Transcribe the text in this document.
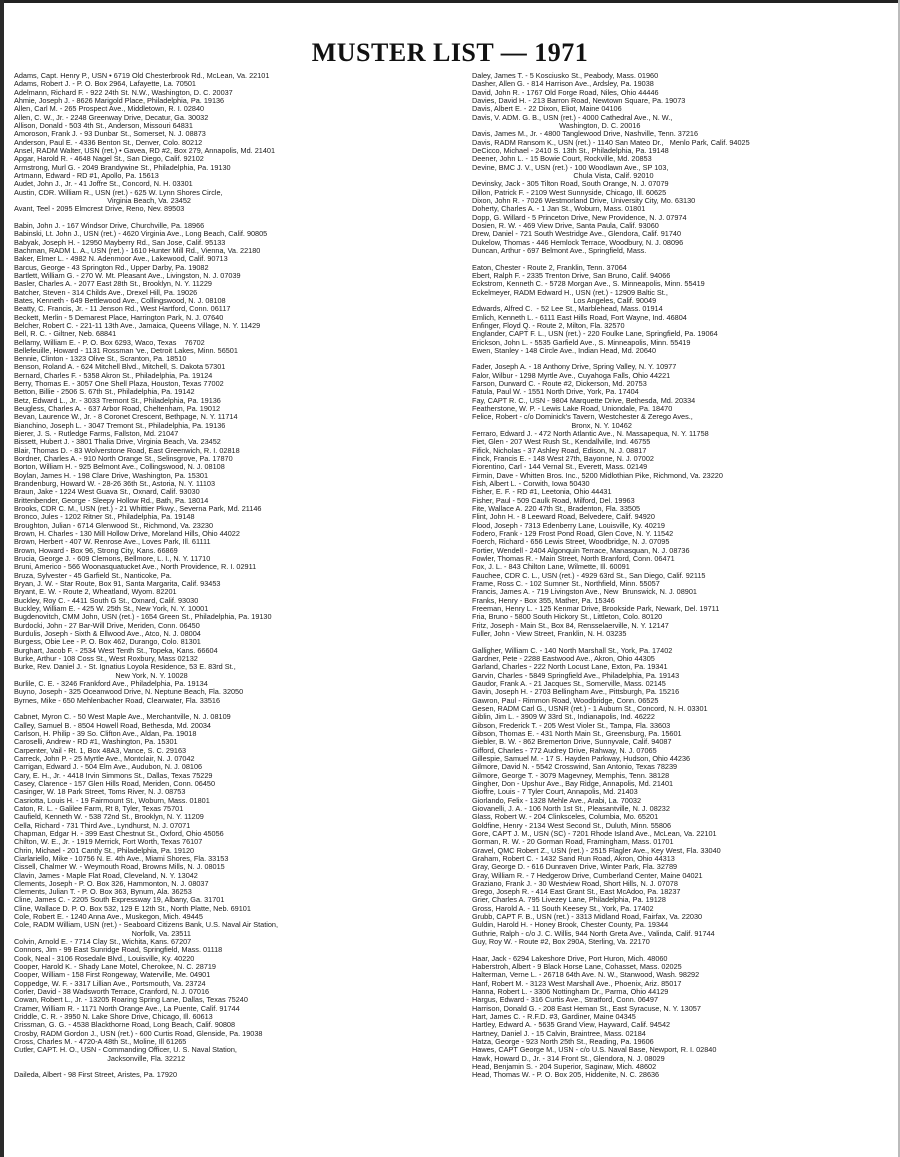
MUSTER LIST — 1971
Adams, Capt. Henry P., USN • 6719 Old Chesterbrook Rd., McLean, Va. 22101
Adams, Robert J. - P. O. Box 2964, Lafayette, La. 70501
Adelmann, Richard F. - 922 24th St. N.W., Washington, D. C. 20037
Ahmie, Joseph J. - 8626 Marigold Place, Philadelphia, Pa. 19136
Allen, Carl M. - 265 Prospect Ave., Middletown, R. I. 02840
Allen, C. W., Jr. - 2248 Greenway Drive, Decatur, Ga. 30032
Allison, Donald - 503 4th St., Anderson, Missouri 64831
Amoroson, Frank J. - 93 Dunbar St., Somerset, N. J. 08873
Anderson, Paul E. - 4336 Benton St., Denver, Colo. 80212
Ansel, RADM Walter, USN (ret.) • Gavea, RD #2, Box 279, Annapolis, Md. 21401
Apgar, Harold R. - 4648 Nagel St., San Diego, Calif. 92102
Armstrong, Murl G. - 2049 Brandywine St., Philadelphia, Pa. 19130
Artmann, Edward - RD #1, Apollo, Pa. 15613
Audet, John J., Jr. - 41 Joffre St., Concord, N. H. 03301
Austin, CDR. William R., USN (ret.) - 625 W. Lynn Shores Circle,
Virginia Beach, Va. 23452
Avant, Teel - 2095 Elmcrest Drive, Reno, Nev. 89503
Babin, John J. - 167 Windsor Drive, Churchville, Pa. 18966
Babinski, Lt. John J., USN (ret.) - 4620 Virginia Ave., Long Beach, Calif. 90805
Babyak, Joseph H. - 12950 Mayberry Rd., San Jose, Calif. 95133
Bachman, RADM L. A., USN (ret.) - 1610 Hunter Mill Rd., Vienna, Va. 22180
Baker, Elmer L. - 4982 N. Adenmoor Ave., Lakewood, Calif. 90713
Barcus, George - 43 Springton Rd., Upper Darby, Pa. 19082
Bartlett, William G. - 270 W. Mt. Pleasant Ave., Livingston, N. J. 07039
Basler, Charles A. - 2077 East 28th St., Brooklyn, N. Y. 11229
Batcher, Steven - 314 Childs Ave., Drexel Hill, Pa. 19026
Bates, Kenneth - 649 Bettlewood Ave., Collingswood, N. J. 08108
Beatty, C. Francis, Jr. - 11 Jenson Rd., West Hartford, Conn. 06117
Beckett, Merlin - 5 Demarest Place, Harrington Park, N. J. 07640
Belcher, Robert C. - 221-11 13th Ave., Jamaica, Queens Village, N. Y. 11429
Bell, R. C. - Giltner, Neb. 68841
Bellamy, William E. - P. O. Box 6293, Waco, Texas    76702
Bellefeuille, Howard - 1131 Rossman 've., Detroit Lakes, Minn. 56501
Bennie, Clinton - 1323 Olive St., Scranton, Pa. 18510
Benson, Roland A. - 624 Mitchell Blvd., Mitchell, S. Dakota 57301
Bernard, Charles F. - 5358 Akron St., Philadelphia, Pa. 19124
Berry, Thomas E. - 3057 One Shell Plaza, Houston, Texas 77002
Betton, Billie - 2506 S. 67th St., Philadelphia, Pa. 19142
Betz, Edward L., Jr. - 3033 Tremont St., Philadelphia, Pa. 19136
Beugless, Charles A. - 637 Arbor Road, Cheltenham, Pa. 19012
Bevan, Laurence W., Jr. - 8 Coronet Crescent, Bethpage, N. Y. 11714
Bianchino, Joseph L. - 3047 Tremont St., Philadelphia, Pa. 19136
Bierer, J. S. - Rutledge Farms, Fallston, Md. 21047
Bissett, Hubert J. - 3801 Thalia Drive, Virginia Beach, Va. 23452
Blair, Thomas D. - 83 Wolverstone Road, East Greenwich, R. I. 02818
Bordner, Charles A. - 910 North Orange St., Selinsgrove, Pa. 17870
Borton, William H. - 925 Belmont Ave., Collingswood, N. J. 08108
Boylan, James H. - 198 Clare Drive, Washington, Pa. 15301
Brandenburg, Howard W. - 28-26 36th St., Astoria, N. Y. 11103
Braun, Jake - 1224 West Guava St., Oxnard, Calif. 93030
Brittenbender, George - Sleepy Hollow Rd., Bath, Pa. 18014
Brooks, CDR C. M., USN (ret.) - 21 Whittier Pkwy., Severna Park, Md. 21146
Bronco, Jules - 1202 Ritner St., Philadelphia, Pa. 19148
Broughton, Julian - 6714 Glenwood St., Richmond, Va. 23230
Brown, H. Charles - 130 Mill Hollow Drive, Moreland Hills, Ohio 44022
Brown, Herbert - 407 W. Renrose Ave., Loves Park, Ill. 61111
Brown, Howard - Box 96, Strong City, Kans. 66869
Brucia, George J. - 609 Clemons, Bellmore, L. I., N. Y. 11710
Bruni, Americo - 566 Woonasquatucket Ave., North Providence, R. I. 02911
Bruza, Sylvester - 45 Garfield St., Nanticoke, Pa.
Bryan, J. W. - Star Route, Box 91, Santa Margarita, Calif. 93453
Bryant, E. W. - Route 2, Wheatland, Wyom. 82201
Buckley, Roy C. - 4411 South G St., Oxnard, Calif. 93030
Buckley, William E. - 425 W. 25th St., New York, N. Y. 10001
Bugdenovitch, CMM John, USN (ret.) - 1654 Green St., Philadelphia, Pa. 19130
Burdocki, John - 27 Bar-Will Drive, Meriden, Conn. 06450
Burdulis, Joseph - Sixth & Ellwood Ave., Atco, N. J. 08004
Burgess, Obie Lee - P. O. Box 462, Durango, Colo. 81301
Burghart, Jacob F. - 2534 West Tenth St., Topeka, Kans. 66604
Burke, Arthur - 108 Coss St., West Roxbury, Mass 02132
Burke, Rev. Daniel J. - St. Ignatius Loyola Residence, 53 E. 83rd St.,
New York, N. Y. 10028
Burlile, C. E. - 3246 Frankford Ave., Philadelphia, Pa. 19134
Buyno, Joseph - 325 Oceanwood Drive, N. Neptune Beach, Fla. 32050
Byrnes, Mike - 650 Mehlenbacher Road, Clearwater, Fla. 33516
Cabnet, Myron C. - 50 West Maple Ave., Merchantville, N. J. 08109
Calley, Samuel B. - 8504 Howell Road, Bethesda, Md. 20034
Carlson, H. Philip - 39 So. Clifton Ave., Aldan, Pa. 19018
Caroselli, Andrew - RD #1, Washington, Pa. 15301
Carpenter, Vail - Rt. 1, Box 48A3, Vance, S. C. 29163
Carreck, John P. - 25 Myrtle Ave., Montclair, N. J. 07042
Carrigan, Edward J. - 504 Elm Ave., Audubon, N. J. 08106
Cary, E. H., Jr. - 4418 Irvin Simmons St., Dallas, Texas 75229
Casey, Clarence - 157 Glen Hills Road, Meriden, Conn. 06450
Casinger, W. 18 Park Street, Toms River, N. J. 08753
Casriotta, Louis H. - 19 Fairmount St., Woburn, Mass. 01801
Caton, R. L. - Galilee Farm, Rt 8, Tyler, Texas 75701
Caufield, Kenneth W. - 538 72nd St., Brooklyn, N. Y. 11209
Cella, Richard - 731 Third Ave., Lyndhurst, N. J. 07071
Chapman, Edgar H. - 399 East Chestnut St., Oxford, Ohio 45056
Chilton, W. E., Jr. - 1919 Merrick, Fort Worth, Texas 76107
Chrin, Michael - 201 Cantly St., Philadelphia, Pa. 19120
Ciarlariello, Mike - 10756 N. E. 4th Ave., Miami Shores, Fla. 33153
Cissell, Chalmer W. - Weymouth Road, Browns Mills, N. J. 08015
Clavin, James - Maple Flat Road, Cleveland, N. Y. 13042
Clements, Joseph - P. O. Box 326, Hammonton, N. J. 08037
Clements, Julian T. - P. O. Box 363, Bynum, Ala. 36253
Cline, James C. - 2205 South Expressway 19, Albany, Ga. 31701
Cline, Wallace D. P. O. Box 532, 129 E 12th St., North Platte, Neb. 69101
Cole, Robert E. - 1240 Anna Ave., Muskegon, Mich. 49445
Cole, RADM William, USN (ret.) - Seaboard Citizens Bank, U.S. Naval Air Station,
Norfolk, Va. 23511
Colvin, Arnold E. - 7714 Clay St., Wichita, Kans. 67207
Connors, Jim - 99 East Sunridge Road, Springfield, Mass. 01118
Cook, Neal - 3106 Rosedale Blvd., Louisville, Ky. 40220
Cooper, Harold K. - Shady Lane Motel, Cherokee, N. C. 28719
Cooper, William - 158 First Rongeway, Waterville, Me. 04901
Coppedge, W. F. - 3317 Lillian Ave., Portsmouth, Va. 23724
Corler, David - 38 Wadsworth Terrace, Cranford, N. J. 07016
Cowan, Robert L., Jr. - 13205 Roaring Spring Lane, Dallas, Texas 75240
Cramer, William R. - 1171 North Orange Ave., La Puente, Calif. 91744
Criddle, C. R. - 3950 N. Lake Shore Drive, Chicago, Ill. 60613
Crissman, G. G. - 4538 Blackthorne Road, Long Beach, Calif. 90808
Crosby, RADM Gordon J., USN (ret.) - 600 Curtis Road, Glenside, Pa. 19038
Cross, Charles M. - 4720-A 48th St., Moline, Ill 61265
Cutler, CAPT. H. O., USN - Commanding Officer, U. S. Naval Station,
Jacksonville, Fla. 32212
Daileda, Albert - 98 First Street, Aristes, Pa. 17920
Daley, James T. - 5 Kosciusko St., Peabody, Mass. 01960
Dasher, Allen G. - 814 Harrison Ave., Ardsley, Pa. 19038
David, John R. - 1767 Old Forge Road, Niles, Ohio 44446
Davies, David H. - 213 Barron Road, Newtown Square, Pa. 19073
Davis, Albert E. - 22 Dixon, Eliot, Maine 04106
Davis, V. ADM. G. B., USN (ret.) - 4000 Cathedral Ave., N. W.,
Washington, D. C. 20016
Davis, James M., Jr. - 4800 Tanglewood Drive, Nashville, Tenn. 37216
Davis, RADM Ransom K., USN (ret.) - 1140 San Mateo Dr.,   Menlo Park, Calif. 94025
DeCicco, Michael - 2410 S. 13th St., Philadelphia, Pa. 19148
Deener, John L. - 15 Bowie Court, Rockville, Md. 20853
Devine, BMC J. V., USN (ret.) - 100 Woodlawn Ave., SP 103,
Chula Vista, Calif. 92010
Devinsky, Jack - 305 Tilton Road, South Orange, N. J. 07079
Dillon, Patrick F. - 2109 West Sunnyside, Chicago, Ill. 60625
Dixon, John R. - 7026 Westmorland Drive, University City, Mo. 63130
Doherty, Charles A. - 1 Jan St., Woburn, Mass. 01801
Dopp, G. Willard - 5 Princeton Drive, New Providence, N. J. 07974
Dosien, R. W. - 469 View Drive, Santa Paula, Calif. 93060
Drew, Daniel - 721 South Westridge Ave., Glendora, Calif. 91740
Dukelow, Thomas - 446 Hemlock Terrace, Woodbury, N. J. 08096
Duncan, Arthur - 697 Belmont Ave., Springfield, Mass.
Eaton, Chester - Route 2, Franklin, Tenn. 37064
Ebert, Ralph F. - 2335 Trenton Drive, San Bruno, Calif. 94066
Eckstrom, Kenneth C. - 5728 Morgan Ave., S. Minneapolis, Minn. 55419
Eckelmeyer, RADM Edward H., USN (ret.) - 12909 Baltic St.,
Los Angeles, Calif. 90049
Edwards, Alfred C.  - 52 Lee St., Marblehead, Mass. 01914
Emlich, Kenneth L. - 6111 East Hills Road, Fort Wayne, Ind. 46804
Enfinger, Floyd Q. - Route 2, Milton, Fla. 32570
Englander, CAPT F. L., USN (ret.) - 220 Foulke Lane, Springfield, Pa. 19064
Erickson, John L. - 5535 Garfield Ave., S. Minneapolis, Minn. 55419
Ewen, Stanley - 148 Circle Ave., Indian Head, Md. 20640
Fader, Joseph A. - 18 Anthony Drive, Spring Valley, N. Y. 10977
Falor, Wilbur - 1298 Myrtle Ave., Cuyahoga Falls, Ohio 44221
Farson, Durward C. - Route #2, Dickerson, Md. 20753
Fatula, Paul W. - 1551 North Drive, York, Pa. 17404
Fay, CAPT R. C., USN - 9804 Marquette Drive, Bethesda, Md. 20334
Featherstone, W. P. - Lewis Lake Road, Uniondale, Pa. 18470
Felice, Robert - c/o Dominick's Tavern, Westchester & Zerego Aves.,
Bronx, N. Y. 10462
Ferraro, Edward J. - 472 North Atlantic Ave., N. Massapequa, N. Y. 11758
Fiet, Glen - 207 West Rush St., Kendallville, Ind. 46755
Fifick, Nicholas - 37 Ashley Road, Edison, N. J. 08817
Finck, Francis E. - 148 West 27th, Bayonne, N. J. 07002
Fiorentino, Carl - 144 Vernal St., Everett, Mass. 02149
Firmin, Dave - Whitten Bros. Inc., 5200 Midlothian Pike, Richmond, Va. 23220
Fish, Albert L. - Corwith, Iowa 50430
Fisher, E. F. - RD #1, Leetonia, Ohio 44431
Fisher, Paul - 509 Caulk Road, Milford, Del. 19963
Fite, Wallace A. 220 47th St., Bradenton, Fla. 33505
Flint, John H. - 8 Leeward Road, Belvedere, Calif. 94920
Flood, Joseph - 7313 Edenberry Lane, Louisville, Ky. 40219
Fodero, Frank - 129 Frost Pond Road, Glen Cove, N. Y. 11542
Foerch, Richard - 656 Lewis Street, Woodbridge, N. J. 07095
Fortier, Wendell - 2404 Algonquin Terrace, Manasquan, N. J. 08736
Fowler, Thomas R. - Main Street, North Branford, Conn. 06471
Fox, J. L. - 843 Chilton Lane, Wilmette, Ill. 60091
Fauchee, CDR C. L., USN (ret.) - 4929 63rd St., San Diego, Calif. 92115
Frame, Ross C. - 102 Sumner St., Northfield, Minn. 55057
Francis, James A. - 719 Livingston Ave., New  Brunswick, N. J. 08901
Franks, Henry - Box 355, Mather, Pa. 15346
Freeman, Henry L. - 125 Kenmar Drive, Brookside Park, Newark, Del. 19711
Fria, Bruno - 5800 South Hickory St., Littleton, Colo. 80120
Fritz, Joseph - Main St., Box 84, Rensselaerville, N. Y. 12147
Fuller, John - View Street, Franklin, N. H. 03235
Galligher, William C. - 140 North Marshall St., York, Pa. 17402
Gardner, Pete - 2288 Eastwood Ave., Akron, Ohio 44305
Garland, Charles - 222 North Locust Lane, Exton, Pa. 19341
Garvin, Charles - 5849 Springfield Ave., Philadelphia, Pa. 19143
Gaudor, Frank A. - 21 Jacques St., Somerville, Mass. 02145
Gavin, Joseph H. - 2703 Bellingham Ave., Pittsburgh, Pa. 15216
Gawron, Paul - Rimmon Road, Woodbridge, Conn. 06525
Gesen, RADM Carl G., USNR (ret.) - 1 Auburn St., Concord, N. H. 03301
Giblin, Jim L. - 3909 W 33rd St., Indianapolis, Ind. 46222
Gibson, Frederick T. - 205 West Violer St., Tampa, Fla. 33603
Gibson, Thomas E. - 431 North Main St., Greensburg, Pa. 15601
Giebler, B. W. - 862 Bremerton Drive, Sunnyvale, Calif. 94087
Gifford, Charles - 772 Audrey Drive, Rahway, N. J. 07065
Gillespie, Samuel M. - 17 S. Hayden Parkway, Hudson, Ohio 44236
Gilmore, David N. - 5542 Crosswind, San Antonio, Texas 78239
Gilmore, George T. - 3079 Magevney, Memphis, Tenn. 38128
Gingher, Don - Upshur Ave., Bay Ridge, Annapolis, Md. 21401
Gioffre, Louis - 7 Tyler Court, Annapolis, Md. 21403
Giorlando, Felix - 1328 Mehle Ave., Arabi, La. 70032
Giovanelli, J. A. - 106 North 1st St., Pleasantville, N. J. 08232
Glass, Robert W. - 204 Clinksceles, Columbia, Mo. 65201
Goldfine, Henry - 2134 West Second St., Duluth, Minn. 55806
Gore, CAPT J. M., USN (SC) - 7201 Rhode Island Ave., McLean, Va. 22101
Gorman, R. W. - 20 Gorman Road, Framingham, Mass. 01701
Gravel, QMC Robert Z., USN (ret.) - 2515 Flagler Ave., Key West, Fla. 33040
Graham, Robert C. - 1432 Sand Run Road, Akron, Ohio 44313
Gray, George D. - 616 Dunraven Drive, Winter Park, Fla. 32789
Gray, William R. - 7 Hedgerow Drive, Cumberland Center, Maine 04021
Graziano, Frank J. - 30 Westview Road, Short Hills, N. J. 07078
Grego, Joseph R. - 414 East Grant St., East McAdoo, Pa. 18237
Grier, Charles A. 795 Livezey Lane, Philadelphia, Pa. 19128
Gross, Harold A. - 11 South Keesey St., York, Pa. 17402
Grubb, CAPT F. B., USN (ret.) - 3313 Midland Road, Fairfax, Va. 22030
Guldin, Harold H. - Honey Brook, Chester County, Pa. 19344
Guthrie, Ralph - c/o J. C. Willis, 944 North Greta Ave., Valinda, Calif. 91744
Guy, Roy W. - Route #2, Box 290A, Sterling, Va. 22170
Haar, Jack - 6294 Lakeshore Drive, Port Huron, Mich. 48060
Haberstroh, Albert - 9 Black Horse Lane, Cohasset, Mass. 02025
Halterman, Verne L. - 26718 64th Ave. N. W., Stanwood, Wash. 98292
Hanf, Robert M. - 3123 West Marshall Ave., Phoenix, Ariz. 85017
Hanna, Robert L. - 3306 Nottingham Dr., Parma, Ohio 44129
Hargus, Edward - 316 Curtis Ave., Stratford, Conn. 06497
Harrison, Donald G. - 208 East Heman St., East Syracuse, N. Y. 13057
Hart, James C. - R.F.D. #3, Gardiner, Maine 04345
Hartley, Edward A. - 5635 Grand View, Hayward, Calif. 94542
Hartney, Daniel J. - 15 Calvin, Braintree, Mass. 02184
Hatza, George - 923 North 25th St., Reading, Pa. 19606
Hawes, CAPT George M., USN - c/o U.S. Naval Base, Newport, R. I. 02840
Hawk, Howard D., Jr. - 314 Front St., Glendora, N. J. 08029
Head, Benjamin S. - 204 Superior, Saginaw, Mich. 48602
Head, Thomas W. - P. O. Box 205, Hiddenite, N. C. 28636
